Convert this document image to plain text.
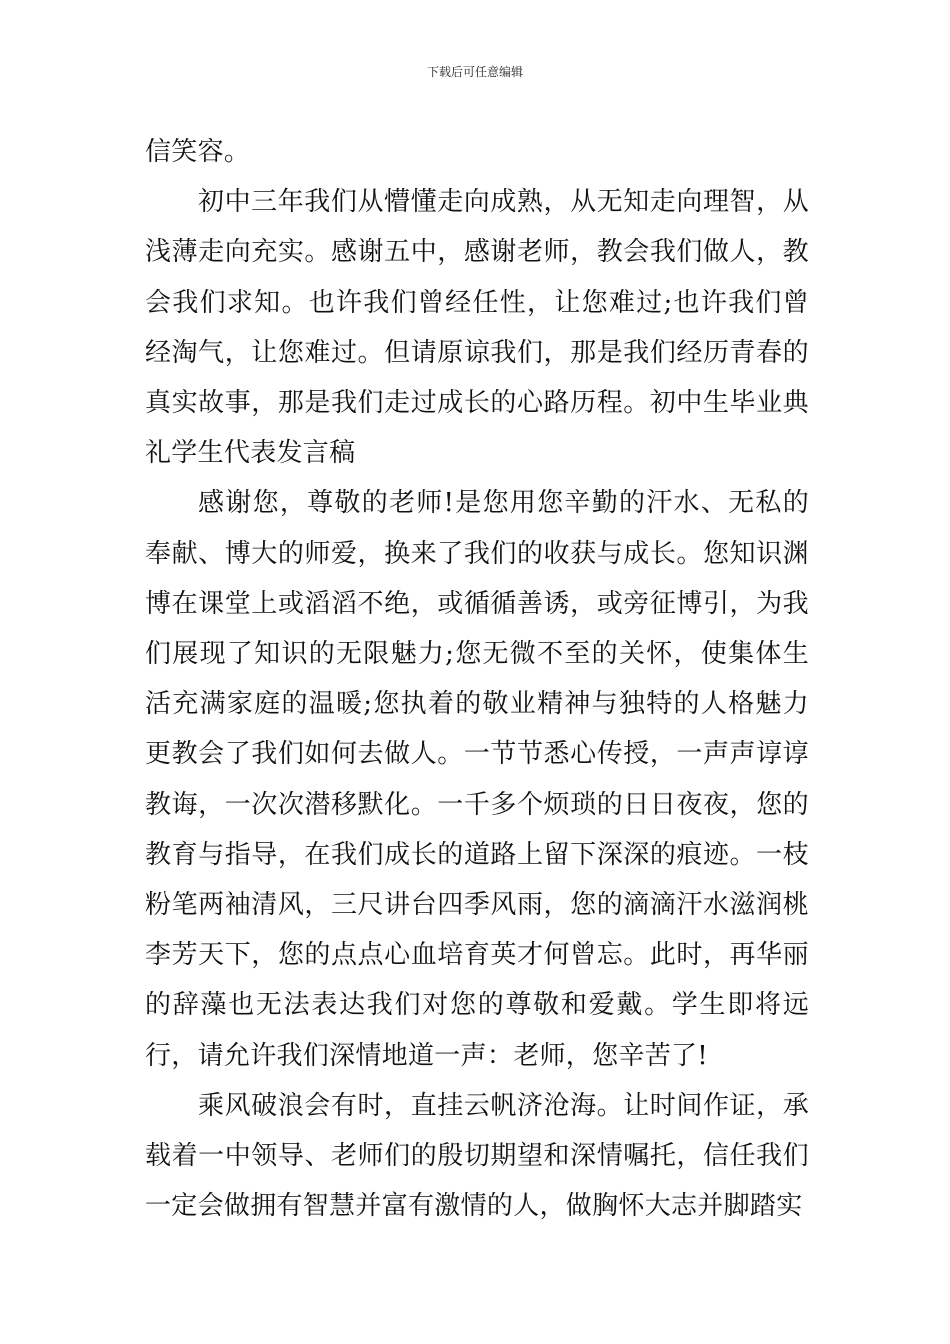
下载后可任意编辑

信笑容。

初中三年我们从懵懂走向成熟，从无知走向理智，从浅薄走向充实。感谢五中，感谢老师，教会我们做人，教会我们求知。也许我们曾经任性，让您难过;也许我们曾经淘气，让您难过。但请原谅我们，那是我们经历青春的真实故事，那是我们走过成长的心路历程。初中生毕业典礼学生代表发言稿

感谢您，尊敬的老师!是您用您辛勤的汗水、无私的奉献、博大的师爱，换来了我们的收获与成长。您知识渊博在课堂上或滔滔不绝，或循循善诱，或旁征博引，为我们展现了知识的无限魅力;您无微不至的关怀，使集体生活充满家庭的温暖;您执着的敬业精神与独特的人格魅力更教会了我们如何去做人。一节节悉心传授，一声声谆谆教诲，一次次潜移默化。一千多个烦琐的日日夜夜，您的教育与指导，在我们成长的道路上留下深深的痕迹。一枝粉笔两袖清风，三尺讲台四季风雨，您的滴滴汗水滋润桃李芳天下，您的点点心血培育英才何曾忘。此时，再华丽的辞藻也无法表达我们对您的尊敬和爱戴。学生即将远行，请允许我们深情地道一声：老师，您辛苦了!

乘风破浪会有时，直挂云帆济沧海。让时间作证，承载着一中领导、老师们的殷切期望和深情嘱托，信任我们一定会做拥有智慧并富有激情的人，做胸怀大志并脚踏实
